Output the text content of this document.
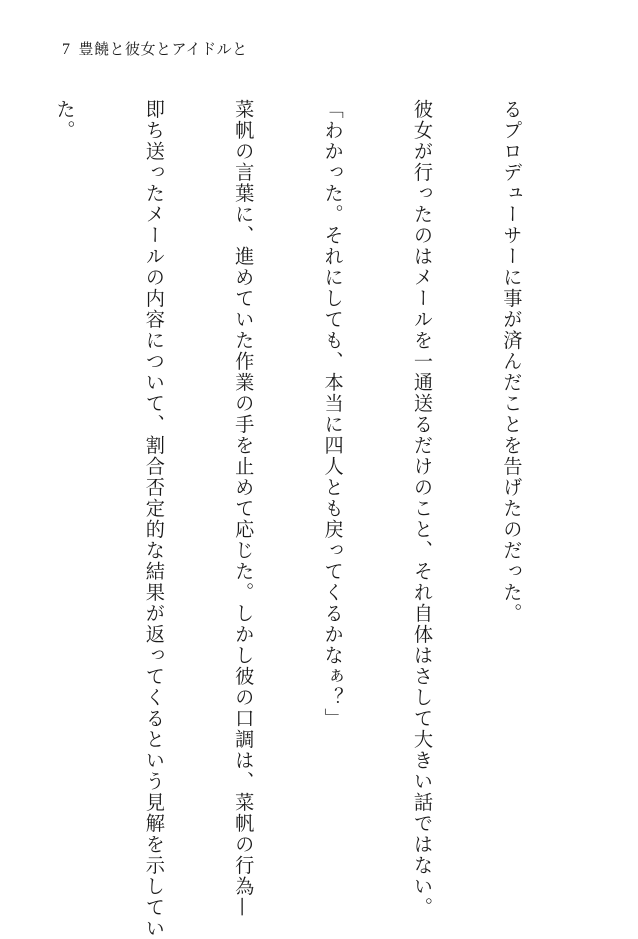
7 豊饒と彼女とアイドルと

るプロデューサーに事が済んだことを告げたのだった。

彼女が行ったのはメールを一通送るだけのこと、それ自体はさして大きい話ではない。

「わかった。それにしても、本当に四人とも戻ってくるかなぁ？」

菜帆の言葉に、進めていた作業の手を止めて応じた。しかし彼の口調は、菜帆の行為—

即ち送ったメールの内容について、割合否定的な結果が返ってくるという見解を示してい

た。
